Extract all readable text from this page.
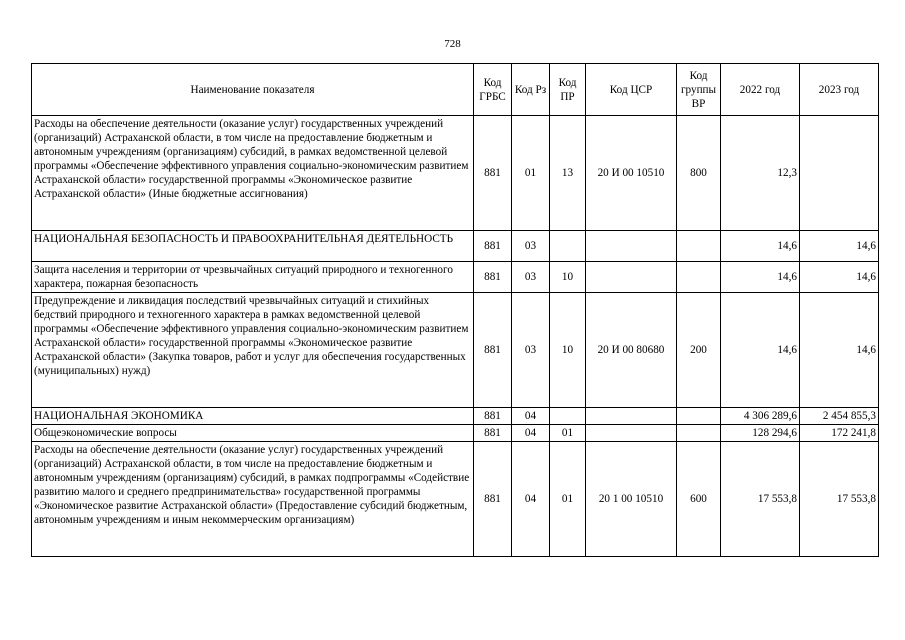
728
Наименование показателя	Код ГРБС	Код Рз	Код ПР	Код ЦСР	Код группы ВР	2022 год	2023 год
Расходы на обеспечение деятельности (оказание услуг) государственных учреждений (организаций) Астраханской области, в том числе на предоставление бюджетным и автономным учреждениям (организациям) субсидий, в рамках ведомственной целевой программы «Обеспечение эффективного управления социально-экономическим развитием Астраханской области» государственной программы «Экономическое развитие Астраханской области» (Иные бюджетные ассигнования)	881	01	13	20 И 00 10510	800	12,3	
НАЦИОНАЛЬНАЯ БЕЗОПАСНОСТЬ И ПРАВООХРАНИТЕЛЬНАЯ ДЕЯТЕЛЬНОСТЬ	881	03				14,6	14,6
Защита населения и территории от чрезвычайных ситуаций природного и техногенного характера, пожарная безопасность	881	03	10			14,6	14,6
Предупреждение и ликвидация последствий чрезвычайных ситуаций и стихийных бедствий природного и техногенного характера в рамках ведомственной целевой программы «Обеспечение эффективного управления социально-экономическим развитием Астраханской области» государственной программы «Экономическое развитие Астраханской области» (Закупка товаров, работ и услуг для обеспечения государственных (муниципальных) нужд)	881	03	10	20 И 00 80680	200	14,6	14,6
НАЦИОНАЛЬНАЯ ЭКОНОМИКА	881	04				4 306 289,6	2 454 855,3
Общеэкономические вопросы	881	04	01			128 294,6	172 241,8
Расходы на обеспечение деятельности (оказание услуг) государственных учреждений (организаций) Астраханской области, в том числе на предоставление бюджетным и автономным учреждениям (организациям) субсидий, в рамках подпрограммы «Содействие развитию малого и среднего предпринимательства» государственной программы «Экономическое развитие Астраханской области» (Предоставление субсидий бюджетным, автономным учреждениям и иным некоммерческим организациям)	881	04	01	20 1 00 10510	600	17 553,8	17 553,8
